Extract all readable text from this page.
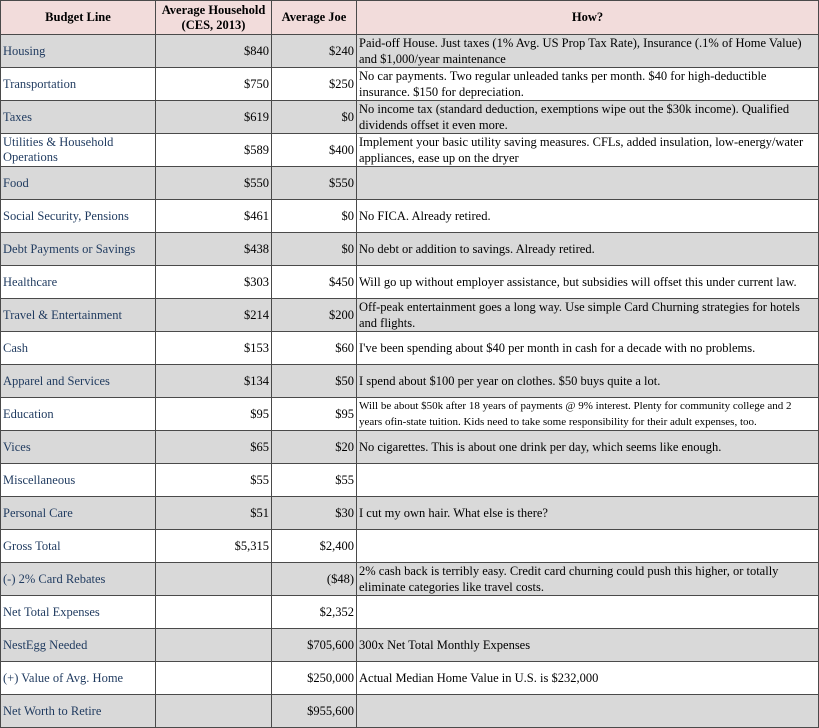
Budget Line	Average Household (CES, 2013)	Average Joe	How?
Housing	$840	$240	Paid-off House. Just taxes (1% Avg. US Prop Tax Rate), Insurance (.1% of Home Value) and $1,000/year maintenance
Transportation	$750	$250	No car payments. Two regular unleaded tanks per month. $40 for high-deductible insurance. $150 for depreciation.
Taxes	$619	$0	No income tax (standard deduction, exemptions wipe out the $30k income). Qualified dividends offset it even more.
Utilities & Household Operations	$589	$400	Implement your basic utility saving measures. CFLs, added insulation, low-energy/water appliances, ease up on the dryer
Food	$550	$550	
Social Security, Pensions	$461	$0	No FICA. Already retired.
Debt Payments or Savings	$438	$0	No debt or addition to savings. Already retired.
Healthcare	$303	$450	Will go up without employer assistance, but subsidies will offset this under current law.
Travel & Entertainment	$214	$200	Off-peak entertainment goes a long way. Use simple Card Churning strategies for hotels and flights.
Cash	$153	$60	I've been spending about $40 per month in cash for a decade with no problems.
Apparel and Services	$134	$50	I spend about $100 per year on clothes. $50 buys quite a lot.
Education	$95	$95	Will be about $50k after 18 years of payments @ 9% interest. Plenty for community college and 2 years ofin-state tuition. Kids need to take some responsibility for their adult expenses, too.
Vices	$65	$20	No cigarettes. This is about one drink per day, which seems like enough.
Miscellaneous	$55	$55	
Personal Care	$51	$30	I cut my own hair. What else is there?
Gross Total	$5,315	$2,400	
(-) 2% Card Rebates		($48)	2% cash back is terribly easy. Credit card churning could push this higher, or totally eliminate categories like travel costs.
Net Total Expenses		$2,352	
NestEgg Needed		$705,600	300x Net Total Monthly Expenses
(+) Value of Avg. Home		$250,000	Actual Median Home Value in U.S. is $232,000
Net Worth to Retire		$955,600	
